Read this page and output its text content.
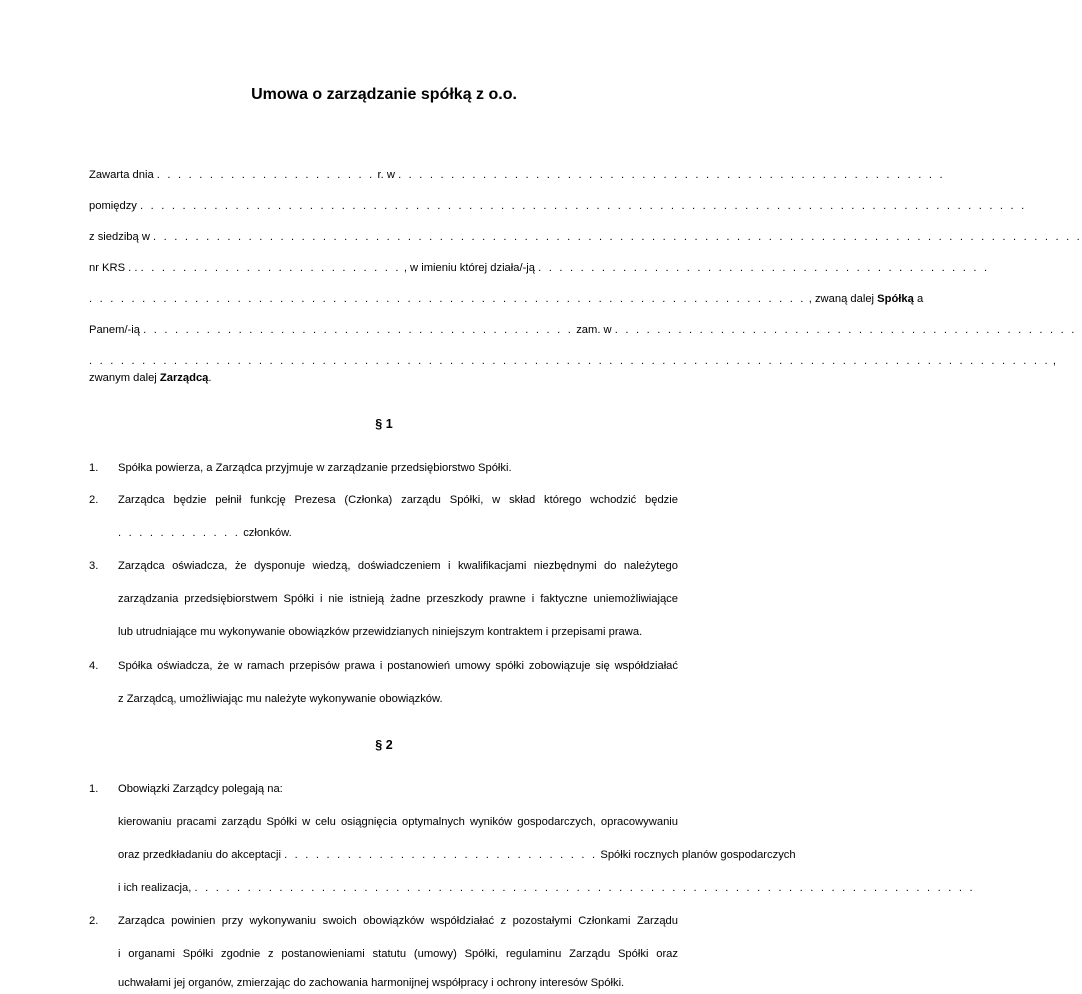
Umowa o zarządzanie spółką z o.o.
Zawarta dnia . . . . . . . . . . . . . . . . . . . . . r. w . . . . . . . . . . . . . . . . . . . . . . . . . . . . . . . . . . . . . . . . . . . . . . . . . . . .
pomiędzy . . . . . . . . . . . . . . . . . . . . . . . . . . . . . . . . . . . . . . . . . . . . . . . . . . . . . . . . . . . . . . . . . . . . . . . . . . . . . . . . . . . .
z siedzibą w . . . . . . . . . . . . . . . . . . . . . . . . . . . . . . . . . . . . . . . . . . . . . . . . . . . . . . . . . . . . . . . . . . . . . . . . . . . . . . . . . . . . . . . .
nr KRS . . . . . . . . . . . . . . . . . . . . . . . . . . . , w imieniu której działa/-ją . . . . . . . . . . . . . . . . . . . . . . . . . . . . . . . . . . . . . . . . . . .
. . . . . . . . . . . . . . . . . . . . . . . . . . . . . . . . . . . . . . . . . . . . . . . . . . . . . . . . . . . . . . . . . . . . , zwaną dalej Spółką a
Panem/-ią . . . . . . . . . . . . . . . . . . . . . . . . . . . . . . . . . . . . . . . . . zam. w . . . . . . . . . . . . . . . . . . . . . . . . . . . . . . . . . . . . . . . . . . . .
. . . . . . . . . . . . . . . . . . . . . . . . . . . . . . . . . . . . . . . . . . . . . . . . . . . . . . . . . . . . . . . . . . . . . . . . . . . . . . . . . . . . . . . . . . . ,
zwanym dalej Zarządcą.
§ 1
1. Spółka powierza, a Zarządca przyjmuje w zarządzanie przedsiębiorstwo Spółki.
2. Zarządca będzie pełnił funkcję Prezesa (Członka) zarządu Spółki, w skład którego wchodzić będzie
. . . . . . . . . . . . członków.
3. Zarządca oświadcza, że dysponuje wiedzą, doświadczeniem i kwalifikacjami niezbędnymi do należytego
zarządzania przedsiębiorstwem Spółki i nie istnieją żadne przeszkody prawne i faktyczne uniemożliwiające
lub utrudniające mu wykonywanie obowiązków przewidzianych niniejszym kontraktem i przepisami prawa.
4. Spółka oświadcza, że w ramach przepisów prawa i postanowień umowy spółki zobowiązuje się współdziałać
z Zarządcą, umożliwiając mu należyte wykonywanie obowiązków.
§ 2
1. Obowiązki Zarządcy polegają na:
kierowaniu pracami zarządu Spółki w celu osiągnięcia optymalnych wyników gospodarczych, opracowywaniu
oraz przedkładaniu do akceptacji . . . . . . . . . . . . . . . . . . . . . . . . . . . . . . Spółki rocznych planów gospodarczych
i ich realizacja, . . . . . . . . . . . . . . . . . . . . . . . . . . . . . . . . . . . . . . . . . . . . . . . . . . . . . . . . . . . . . . . . . . . . . . . . . .
2. Zarządca powinien przy wykonywaniu swoich obowiązków współdziałać z pozostałymi Członkami Zarządu
i organami Spółki zgodnie z postanowieniami statutu (umowy) Spółki, regulaminu Zarządu Spółki oraz
uchwałami jej organów, zmierzając do zachowania harmonijnej współpracy i ochrony interesów Spółki.
